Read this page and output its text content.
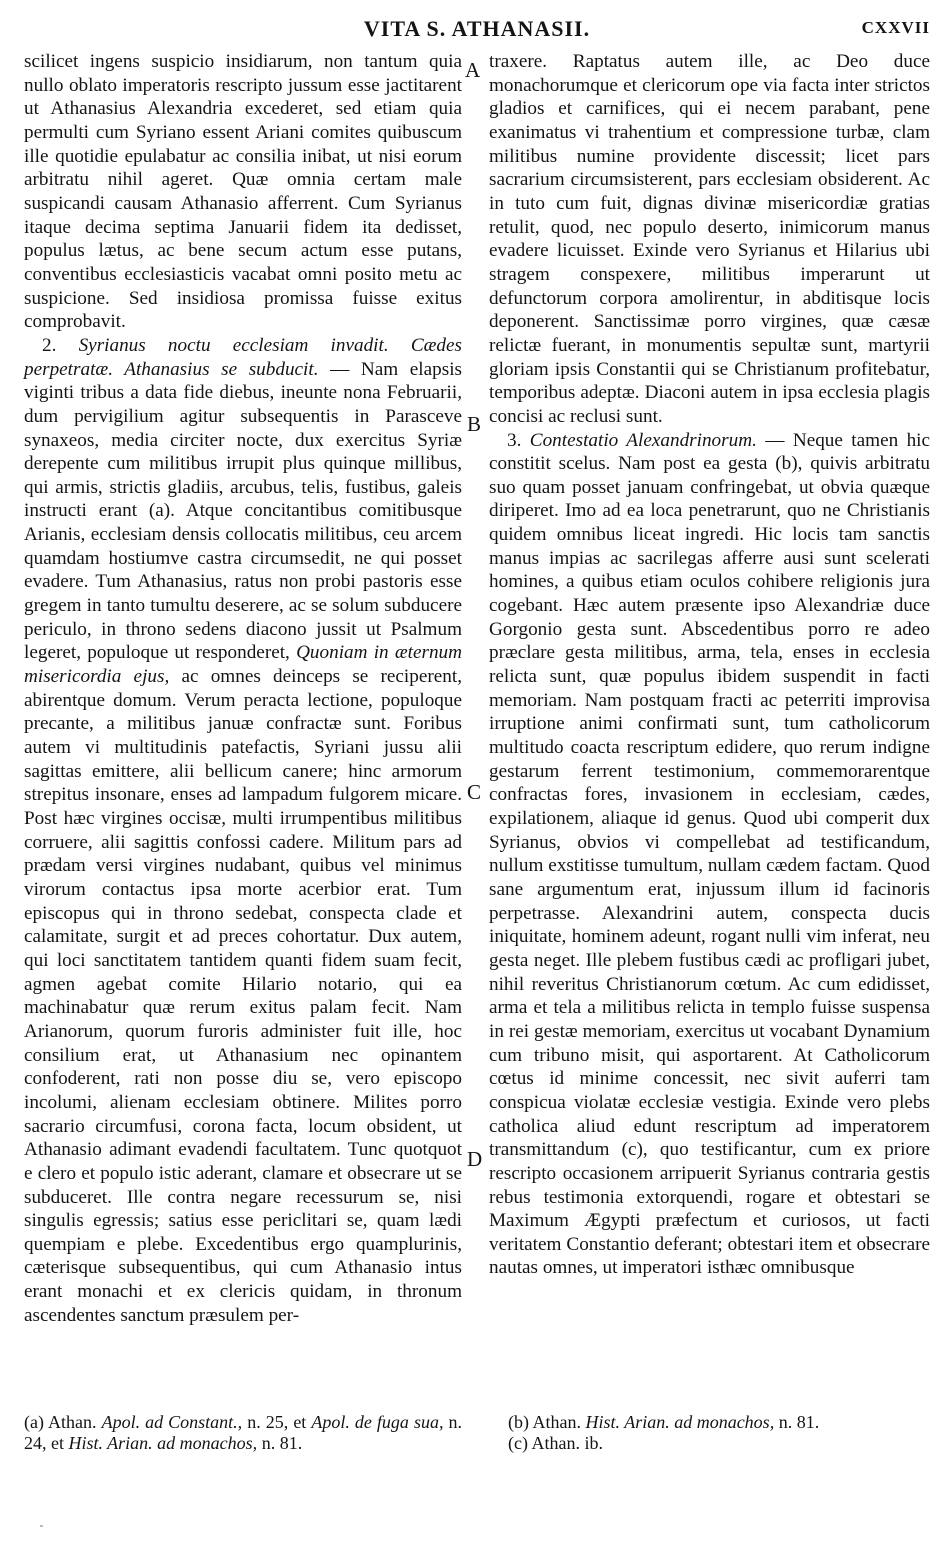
VITA S. ATHANASII.	CXXVII

scilicet ingens suspicio insidiarum, non tantum quia nullo oblato imperatoris rescripto jussum esse jactitarent ut Athanasius Alexandria excederet, sed etiam quia permulti cum Syriano essent Ariani comites quibuscum ille quotidie epulabatur ac consilia inibat, ut nisi eorum arbitratu nihil ageret. Quæ omnia certam male suspicandi causam Athanasio afferrent. Cum Syrianus itaque decima septima Januarii fidem ita dedisset, populus lætus, ac bene secum actum esse putans, conventibus ecclesiasticis vacabat omni posito metu ac suspicione. Sed insidiosa promissa fuisse exitus comprobavit.

2. Syrianus noctu ecclesiam invadit. Cædes perpetratæ. Athanasius se subducit. — Nam elapsis viginti tribus a data fide diebus, ineunte nona Februarii, dum pervigilium agitur subsequentis in Parasceve synaxeos, media circiter nocte, dux exercitus Syriæ derepente cum militibus irrupit plus quinque millibus, qui armis, strictis gladiis, arcubus, telis, fustibus, galeis instructi erant (a). Atque concitantibus comitibusque Arianis, ecclesiam densis collocatis militibus, ceu arcem quamdam hostiumve castra circumsedit, ne qui posset evadere. Tum Athanasius, ratus non probi pastoris esse gregem in tanto tumultu deserere, ac se solum subducere periculo, in throno sedens diacono jussit ut Psalmum legeret, populoque ut responderet, Quoniam in æternum misericordia ejus, ac omnes deinceps se reciperent, abirentque domum. Verum peracta lectione, populoque precante, a militibus januæ confractæ sunt. Foribus autem vi multitudinis patefactis, Syriani jussu alii sagittas emittere, alii bellicum canere; hinc armorum strepitus insonare, enses ad lampadum fulgorem micare. Post hæc virgines occisæ, multi irrumpentibus militibus corruere, alii sagittis confossi cadere. Militum pars ad prædam versi virgines nudabant, quibus vel minimus virorum contactus ipsa morte acerbior erat. Tum episcopus qui in throno sedebat, conspecta clade et calamitate, surgit et ad preces cohortatur. Dux autem, qui loci sanctitatem tantidem quanti fidem suam fecit, agmen agebat comite Hilario notario, qui ea machinabatur quæ rerum exitus palam fecit. Nam Arianorum, quorum furoris administer fuit ille, hoc consilium erat, ut Athanasium nec opinantem confoderent, rati non posse diu se, vero episcopo incolumi, alienam ecclesiam obtinere. Milites porro sacrario circumfusi, corona facta, locum obsident, ut Athanasio adimant evadendi facultatem. Tunc quotquot e clero et populo istic aderant, clamare et obsecrare ut se subduceret. Ille contra negare recessurum se, nisi singulis egressis; satius esse periclitari se, quam lædi quempiam e plebe. Excedentibus ergo quamplurinis, cæterisque subsequentibus, qui cum Athanasio intus erant monachi et ex clericis quidam, in thronum ascendentes sanctum præsulem per-

A
B
C
D

traxere. Raptatus autem ille, ac Deo duce monachorumque et clericorum ope via facta inter strictos gladios et carnifices, qui ei necem parabant, pene exanimatus vi trahentium et compressione turbæ, clam militibus numine providente discessit; licet pars sacrarium circumsisterent, pars ecclesiam obsiderent. Ac in tuto cum fuit, dignas divinæ misericordiæ gratias retulit, quod, nec populo deserto, inimicorum manus evadere licuisset. Exinde vero Syrianus et Hilarius ubi stragem conspexere, militibus imperarunt ut defunctorum corpora amolirentur, in abditisque locis deponerent. Sanctissimæ porro virgines, quæ cæsæ relictæ fuerant, in monumentis sepultæ sunt, martyrii gloriam ipsis Constantii qui se Christianum profitebatur, temporibus adeptæ. Diaconi autem in ipsa ecclesia plagis concisi ac reclusi sunt.

3. Contestatio Alexandrinorum. — Neque tamen hic constitit scelus. Nam post ea gesta (b), quivis arbitratu suo quam posset januam confringebat, ut obvia quæque diriperet. Imo ad ea loca penetrarunt, quo ne Christianis quidem omnibus liceat ingredi. Hic locis tam sanctis manus impias ac sacrilegas afferre ausi sunt scelerati homines, a quibus etiam oculos cohibere religionis jura cogebant. Hæc autem præsente ipso Alexandriæ duce Gorgonio gesta sunt. Abscedentibus porro re adeo præclare gesta militibus, arma, tela, enses in ecclesia relicta sunt, quæ populus ibidem suspendit in facti memoriam. Nam postquam fracti ac peterriti improvisa irruptione animi confirmati sunt, tum catholicorum multitudo coacta rescriptum edidere, quo rerum indigne gestarum ferrent testimonium, commemorarentque confractas fores, invasionem in ecclesiam, cædes, expilationem, aliaque id genus. Quod ubi comperit dux Syrianus, obvios vi compellebat ad testificandum, nullum exstitisse tumultum, nullam cædem factam. Quod sane argumentum erat, injussum illum id facinoris perpetrasse. Alexandrini autem, conspecta ducis iniquitate, hominem adeunt, rogant nulli vim inferat, neu gesta neget. Ille plebem fustibus cædi ac profligari jubet, nihil reveritus Christianorum cœtum. Ac cum edidisset, arma et tela a militibus relicta in templo fuisse suspensa in rei gestæ memoriam, exercitus ut vocabant Dynamium cum tribuno misit, qui asportarent. At Catholicorum cœtus id minime concessit, nec sivit auferri tam conspicua violatæ ecclesiæ vestigia. Exinde vero plebs catholica aliud edunt rescriptum ad imperatorem transmittandum (c), quo testificantur, cum ex priore rescripto occasionem arripuerit Syrianus contraria gestis rebus testimonia extorquendi, rogare et obtestari se Maximum Ægypti præfectum et curiosos, ut facti veritatem Constantio deferant; obtestari item et obsecrare nautas omnes, ut imperatori isthæc omnibusque

(a) Athan. Apol. ad Constant., n. 25, et Apol. de fuga sua, n. 24, et Hist. Arian. ad monachos, n. 81.

(b) Athan. Hist. Arian. ad monachos, n. 81.

(c) Athan. ib.
